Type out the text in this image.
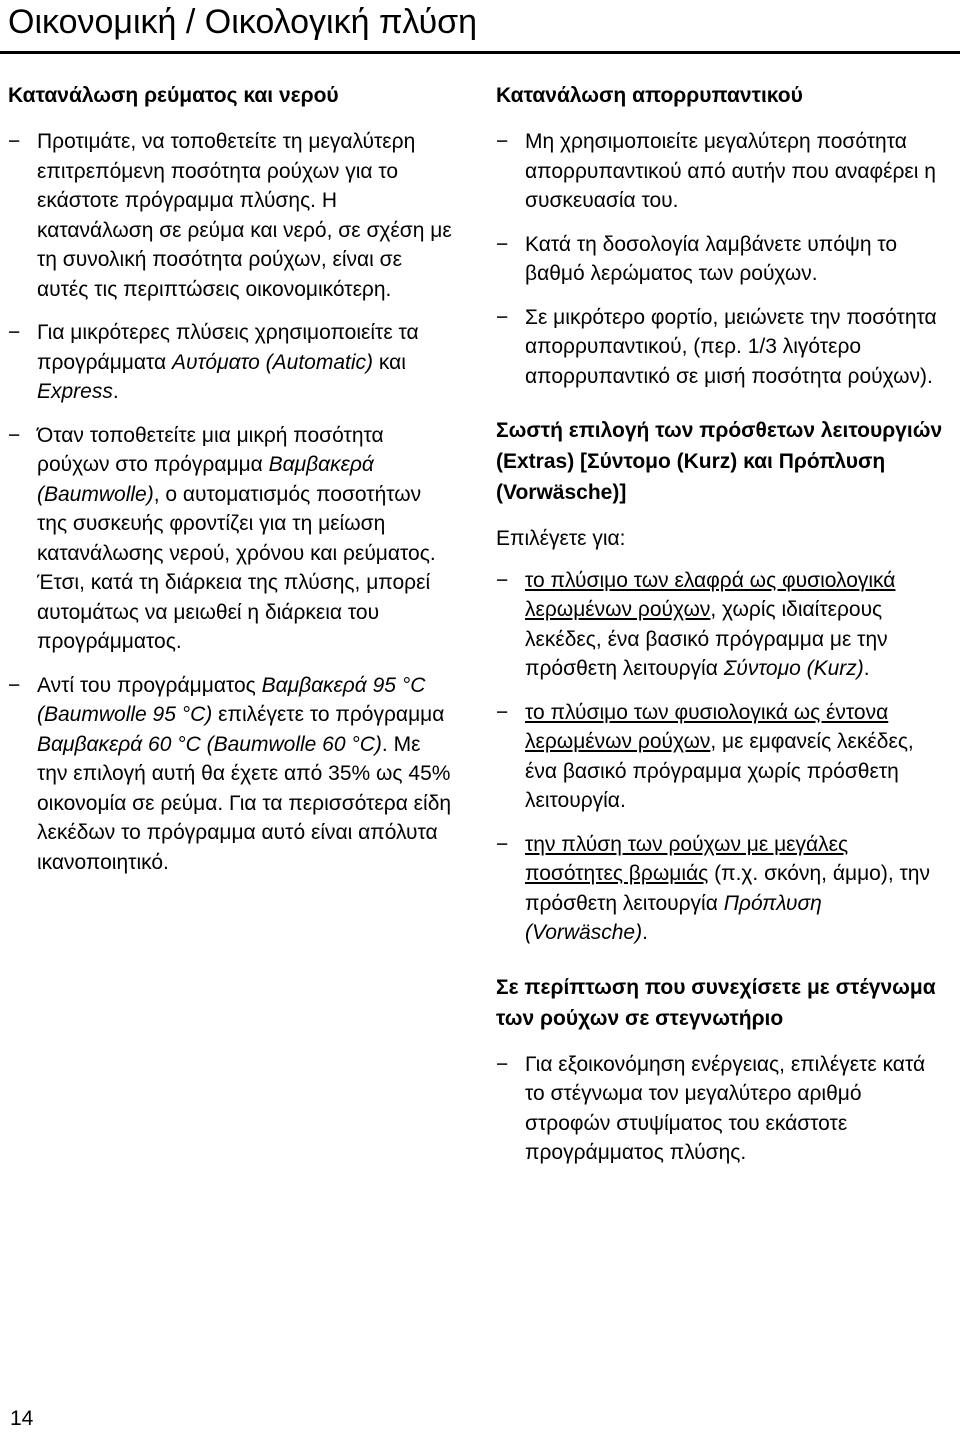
Οικονομική / Οικολογική πλύση

Κατανάλωση ρεύματος και νερού

− Προτιμάτε, να τοποθετείτε τη μεγαλύτερη επιτρεπόμενη ποσότητα ρούχων για το εκάστοτε πρόγραμμα πλύσης. Η κατανάλωση σε ρεύμα και νερό, σε σχέση με τη συνολική ποσότητα ρούχων, είναι σε αυτές τις περιπτώσεις οικονομικότερη.
− Για μικρότερες πλύσεις χρησιμοποιείτε τα προγράμματα Αυτόματο (Automatic) και Express.
− Όταν τοποθετείτε μια μικρή ποσότητα ρούχων στο πρόγραμμα Βαμβακερά (Baumwolle), ο αυτοματισμός ποσοτήτων της συσκευής φροντίζει για τη μείωση κατανάλωσης νερού, χρόνου και ρεύματος. Έτσι, κατά τη διάρκεια της πλύσης, μπορεί αυτομάτως να μειωθεί η διάρκεια του προγράμματος.
− Αντί του προγράμματος Βαμβακερά 95 °C (Baumwolle 95 °C) επιλέγετε το πρόγραμμα Βαμβακερά 60 °C (Baumwolle 60 °C). Με την επιλογή αυτή θα έχετε από 35% ως 45% οικονομία σε ρεύμα. Για τα περισσότερα είδη λεκέδων το πρόγραμμα αυτό είναι απόλυτα ικανοποιητικό.

Κατανάλωση απορρυπαντικού

− Μη χρησιμοποιείτε μεγαλύτερη ποσότητα απορρυπαντικού από αυτήν που αναφέρει η συσκευασία του.
− Κατά τη δοσολογία λαμβάνετε υπόψη το βαθμό λερώματος των ρούχων.
− Σε μικρότερο φορτίο, μειώνετε την ποσότητα απορρυπαντικού, (περ. 1/3 λιγότερο απορρυπαντικό σε μισή ποσότητα ρούχων).

Σωστή επιλογή των πρόσθετων λειτουργιών (Extras) [Σύντομο (Kurz) και Πρόπλυση (Vorwäsche)]

Επιλέγετε για:

− το πλύσιμο των ελαφρά ως φυσιολογικά λερωμένων ρούχων, χωρίς ιδιαίτερους λεκέδες, ένα βασικό πρόγραμμα με την πρόσθετη λειτουργία Σύντομο (Kurz).
− το πλύσιμο των φυσιολογικά ως έντονα λερωμένων ρούχων, με εμφανείς λεκέδες, ένα βασικό πρόγραμμα χωρίς πρόσθετη λειτουργία.
− την πλύση των ρούχων με μεγάλες ποσότητες βρωμιάς (π.χ. σκόνη, άμμο), την πρόσθετη λειτουργία Πρόπλυση (Vorwäsche).

Σε περίπτωση που συνεχίσετε με στέγνωμα των ρούχων σε στεγνωτήριο

− Για εξοικονόμηση ενέργειας, επιλέγετε κατά το στέγνωμα τον μεγαλύτερο αριθμό στροφών στυψίματος του εκάστοτε προγράμματος πλύσης.
14
